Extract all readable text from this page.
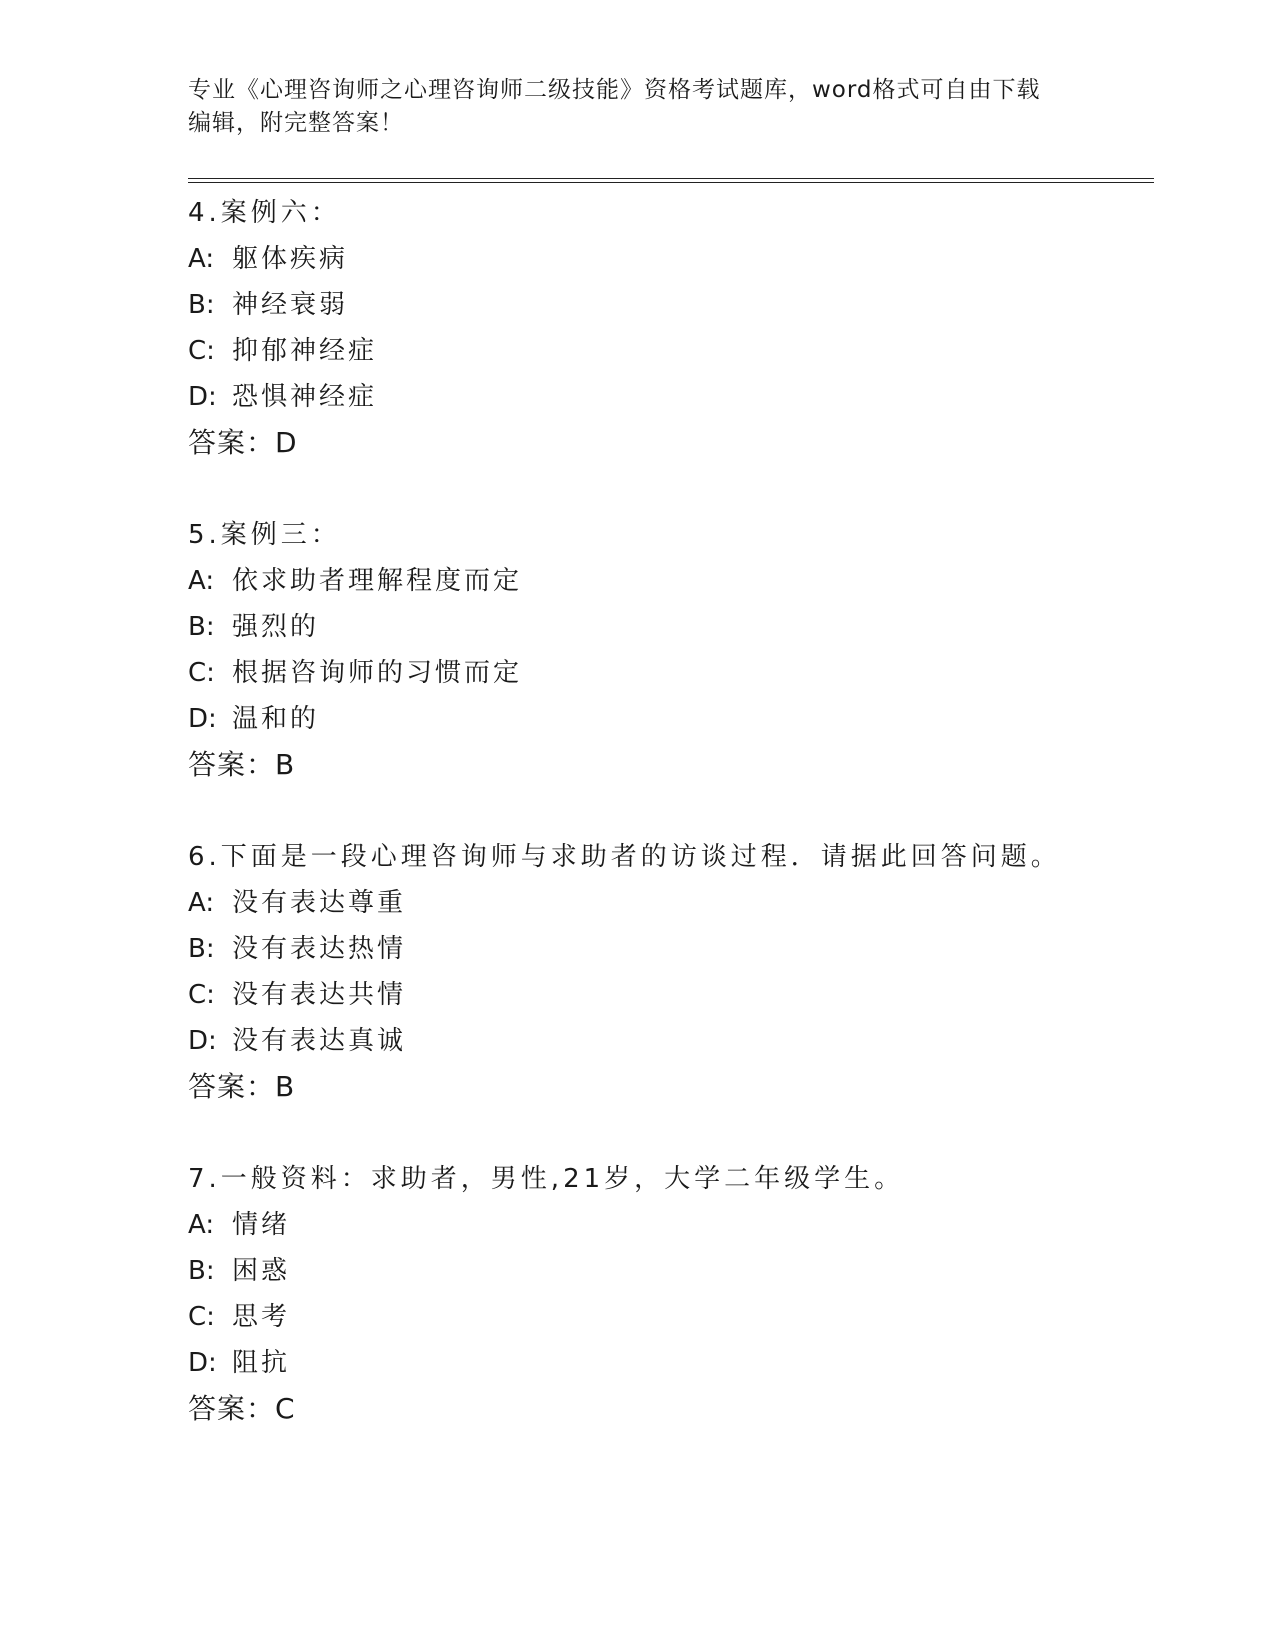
专业《心理咨询师之心理咨询师二级技能》资格考试题库，word格式可自由下载
编辑，附完整答案！
4.案例六：
A: 躯体疾病
B: 神经衰弱
C: 抑郁神经症
D: 恐惧神经症
答案：D
5.案例三：
A: 依求助者理解程度而定
B: 强烈的
C: 根据咨询师的习惯而定
D: 温和的
答案：B
6.下面是一段心理咨询师与求助者的访谈过程．请据此回答问题。
A: 没有表达尊重
B: 没有表达热情
C: 没有表达共情
D: 没有表达真诚
答案：B
7.一般资料：求助者，男性,21岁，大学二年级学生。
A: 情绪
B: 困惑
C: 思考
D: 阻抗
答案：C
